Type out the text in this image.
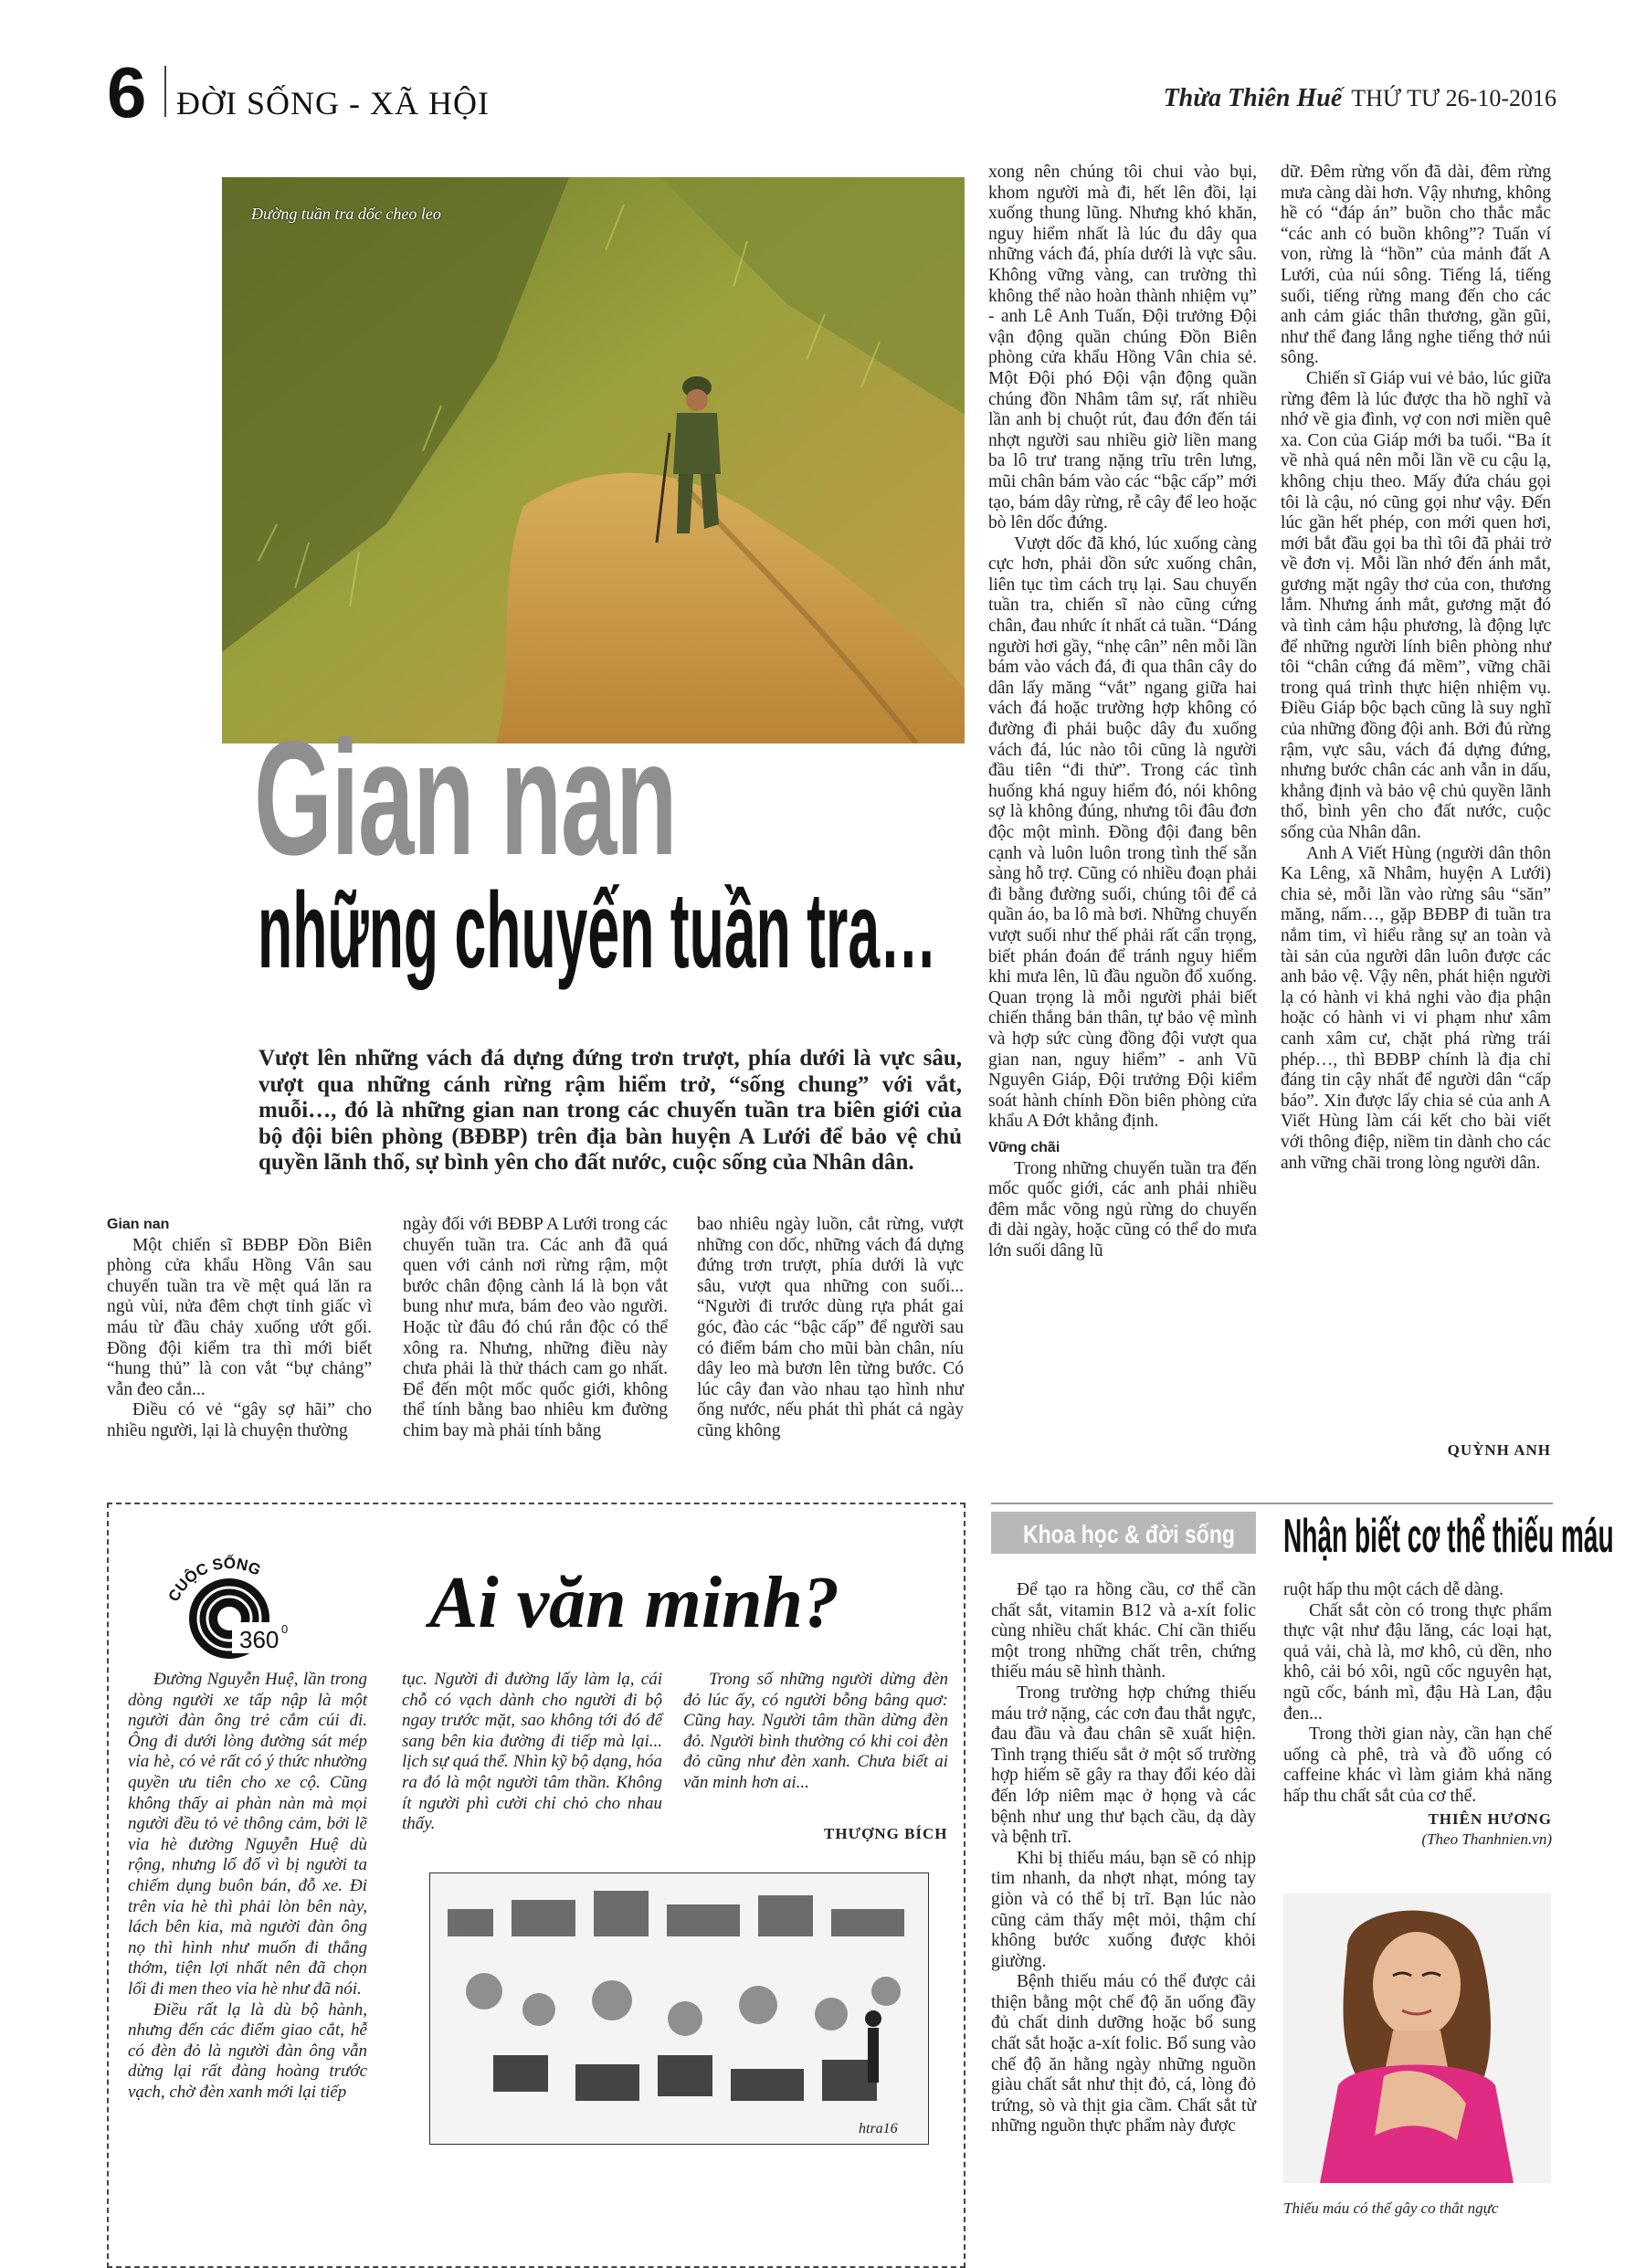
6 ĐỜI SỐNG - XÃ HỘI	Thừa Thiên Huế THỨ TƯ 26-10-2016
Đường tuần tra dốc cheo leo
Gian nan
những chuyến tuần tra…
Vượt lên những vách đá dựng đứng trơn trượt, phía dưới là vực sâu, vượt qua những cánh rừng rậm hiểm trở, “sống chung” với vắt, muỗi…, đó là những gian nan trong các chuyến tuần tra biên giới của bộ đội biên phòng (BĐBP) trên địa bàn huyện A Lưới để bảo vệ chủ quyền lãnh thổ, sự bình yên cho đất nước, cuộc sống của Nhân dân.
Gian nan

Một chiến sĩ BĐBP Đồn Biên phòng cửa khẩu Hồng Vân sau chuyến tuần tra về mệt quá lăn ra ngủ vùi, nửa đêm chợt tỉnh giấc vì máu từ đầu chảy xuống ướt gối. Đồng đội kiểm tra thì mới biết “hung thủ” là con vắt “bự chảng” vẫn đeo cắn...

Điều có vẻ “gây sợ hãi” cho nhiều người, lại là chuyện thường

ngày đối với BĐBP A Lưới trong các chuyến tuần tra. Các anh đã quá quen với cảnh nơi rừng rậm, một bước chân động cành lá là bọn vắt bung như mưa, bám đeo vào người. Hoặc từ đâu đó chú rắn độc có thể xông ra. Nhưng, những điều này chưa phải là thử thách cam go nhất. Để đến một mốc quốc giới, không thể tính bằng bao nhiêu km đường chim bay mà phải tính bằng

bao nhiêu ngày luồn, cắt rừng, vượt những con dốc, những vách đá dựng đứng trơn trượt, phía dưới là vực sâu, vượt qua những con suối... “Người đi trước dùng rựa phát gai góc, đào các “bậc cấp” để người sau có điểm bám cho mũi bàn chân, níu dây leo mà bươn lên từng bước. Có lúc cây đan vào nhau tạo hình như ống nước, nếu phát thì phát cả ngày cũng không

xong nên chúng tôi chui vào bụi, khom người mà đi, hết lên đồi, lại xuống thung lũng. Nhưng khó khăn, nguy hiểm nhất là lúc đu dây qua những vách đá, phía dưới là vực sâu. Không vững vàng, can trường thì không thể nào hoàn thành nhiệm vụ” - anh Lê Anh Tuấn, Đội trưởng Đội vận động quần chúng Đồn Biên phòng cửa khẩu Hồng Vân chia sẻ. Một Đội phó Đội vận động quần chúng đồn Nhâm tâm sự, rất nhiều lần anh bị chuột rút, đau đớn đến tái nhợt người sau nhiều giờ liền mang ba lô trư trang nặng trĩu trên lưng, mũi chân bám vào các “bậc cấp” mới tạo, bám dây rừng, rễ cây để leo hoặc bò lên dốc đứng.

Vượt dốc đã khó, lúc xuống càng cực hơn, phải dồn sức xuống chân, liên tục tìm cách trụ lại. Sau chuyến tuần tra, chiến sĩ nào cũng cứng chân, đau nhức ít nhất cả tuần. “Dáng người hơi gầy, “nhẹ cân” nên mỗi lần bám vào vách đá, đi qua thân cây do dân lấy măng “vắt” ngang giữa hai vách đá hoặc trường hợp không có đường đi phải buộc dây đu xuống vách đá, lúc nào tôi cũng là người đầu tiên “đi thử”. Trong các tình huống khá nguy hiểm đó, nói không sợ là không đúng, nhưng tôi đâu đơn độc một mình. Đồng đội đang bên cạnh và luôn luôn trong tình thế sẵn sàng hỗ trợ. Cũng có nhiều đoạn phải đi bằng đường suối, chúng tôi để cả quần áo, ba lô mà bơi. Những chuyến vượt suối như thế phải rất cẩn trọng, biết phán đoán để tránh nguy hiểm khi mưa lên, lũ đầu nguồn đổ xuống. Quan trọng là mỗi người phải biết chiến thắng bản thân, tự bảo vệ mình và hợp sức cùng đồng đội vượt qua gian nan, nguy hiểm” - anh Vũ Nguyên Giáp, Đội trưởng Đội kiểm soát hành chính Đồn biên phòng cửa khẩu A Đớt khẳng định.

Vững chãi

Trong những chuyến tuần tra đến mốc quốc giới, các anh phải nhiều đêm mắc võng ngủ rừng do chuyến đi dài ngày, hoặc cũng có thể do mưa lớn suối dâng lũ

dữ. Đêm rừng vốn đã dài, đêm rừng mưa càng dài hơn. Vậy nhưng, không hề có “đáp án” buồn cho thắc mắc “các anh có buồn không”? Tuấn ví von, rừng là “hồn” của mảnh đất A Lưới, của núi sông. Tiếng lá, tiếng suối, tiếng rừng mang đến cho các anh cảm giác thân thương, gần gũi, như thể đang lắng nghe tiếng thở núi sông.

Chiến sĩ Giáp vui vẻ bảo, lúc giữa rừng đêm là lúc được tha hồ nghĩ và nhớ về gia đình, vợ con nơi miền quê xa. Con của Giáp mới ba tuổi. “Ba ít về nhà quá nên mỗi lần về cu cậu lạ, không chịu theo. Mấy đứa cháu gọi tôi là cậu, nó cũng gọi như vậy. Đến lúc gần hết phép, con mới quen hơi, mới bắt đầu gọi ba thì tôi đã phải trở về đơn vị. Mỗi lần nhớ đến ánh mắt, gương mặt ngây thơ của con, thương lắm. Nhưng ánh mắt, gương mặt đó và tình cảm hậu phương, là động lực để những người lính biên phòng như tôi “chân cứng đá mềm”, vững chãi trong quá trình thực hiện nhiệm vụ. Điều Giáp bộc bạch cũng là suy nghĩ của những đồng đội anh. Bởi đủ rừng rậm, vực sâu, vách đá dựng đứng, nhưng bước chân các anh vẫn in dấu, khẳng định và bảo vệ chủ quyền lãnh thổ, bình yên cho đất nước, cuộc sống của Nhân dân.

Anh A Viết Hùng (người dân thôn Ka Lêng, xã Nhâm, huyện A Lưới) chia sẻ, mỗi lần vào rừng sâu “săn” măng, nấm…, gặp BĐBP đi tuần tra nắm tim, vì hiểu rằng sự an toàn và tài sản của người dân luôn được các anh bảo vệ. Vậy nên, phát hiện người lạ có hành vi khả nghi vào địa phận hoặc có hành vi vi phạm như xâm canh xâm cư, chặt phá rừng trái phép…, thì BĐBP chính là địa chỉ đáng tin cậy nhất để người dân “cấp báo”. Xin được lấy chia sẻ của anh A Viết Hùng làm cái kết cho bài viết với thông điệp, niềm tin dành cho các anh vững chãi trong lòng người dân.

QUỲNH ANH
CUỘC SỐNG
360 0 Ai văn minh?

Đường Nguyễn Huệ, lần trong dòng người xe tấp nập là một người đàn ông trẻ cắm cúi đi. Ông đi dưới lòng đường sát mép vỉa hè, có vẻ rất có ý thức nhường quyền ưu tiên cho xe cộ. Cũng không thấy ai phàn nàn mà mọi người đều tỏ vẻ thông cảm, bởi lẽ vỉa hè đường Nguyễn Huệ dù rộng, nhưng lổ đổ vì bị người ta chiếm dụng buôn bán, đỗ xe. Đi trên vỉa hè thì phải lòn bên này, lách bên kia, mà người đàn ông nọ thì hình như muốn đi thẳng thớm, tiện lợi nhất nên đã chọn lối đi men theo vỉa hè như đã nói.

Điều rất lạ là dù bộ hành, nhưng đến các điểm giao cắt, hễ có đèn đỏ là người đàn ông vẫn dừng lại rất đàng hoàng trước vạch, chờ đèn xanh mới lại tiếp

tục. Người đi đường lấy làm lạ, cái chỗ có vạch dành cho người đi bộ ngay trước mặt, sao không tới đó để sang bên kia đường đi tiếp mà lại... lịch sự quá thể. Nhìn kỹ bộ dạng, hóa ra đó là một người tâm thần. Không ít người phì cười chỉ chỏ cho nhau thấy.

Trong số những người dừng đèn đỏ lúc ấy, có người bỗng bâng quơ: Cũng hay. Người tâm thần dừng đèn đỏ. Người bình thường có khi coi đèn đỏ cũng như đèn xanh. Chưa biết ai văn minh hơn ai...

THƯỢNG BÍCH
htra16
Khoa học & đời sống Nhận biết cơ thể thiếu máu

Để tạo ra hồng cầu, cơ thể cần chất sắt, vitamin B12 và a-xít folic cùng nhiều chất khác. Chỉ cần thiếu một trong những chất trên, chứng thiếu máu sẽ hình thành.

Trong trường hợp chứng thiếu máu trở nặng, các cơn đau thắt ngực, đau đầu và đau chân sẽ xuất hiện. Tình trạng thiếu sắt ở một số trường hợp hiếm sẽ gây ra thay đổi kéo dài đến lớp niêm mạc ở họng và các bệnh như ung thư bạch cầu, dạ dày và bệnh trĩ.

Khi bị thiếu máu, bạn sẽ có nhịp tim nhanh, da nhợt nhạt, móng tay giòn và có thể bị trĩ. Bạn lúc nào cũng cảm thấy mệt mỏi, thậm chí không bước xuống được khỏi giường.

Bệnh thiếu máu có thể được cải thiện bằng một chế độ ăn uống đầy đủ chất dinh dưỡng hoặc bổ sung chất sắt hoặc a-xít folic. Bổ sung vào chế độ ăn hằng ngày những nguồn giàu chất sắt như thịt đỏ, cá, lòng đỏ trứng, sò và thịt gia cầm. Chất sắt từ những nguồn thực phẩm này được

ruột hấp thu một cách dễ dàng.

Chất sắt còn có trong thực phẩm thực vật như đậu lăng, các loại hạt, quả vải, chà là, mơ khô, củ dền, nho khô, cải bó xôi, ngũ cốc nguyên hạt, ngũ cốc, bánh mì, đậu Hà Lan, đậu đen...

Trong thời gian này, cần hạn chế uống cà phê, trà và đồ uống có caffeine khác vì làm giảm khả năng hấp thu chất sắt của cơ thể.

THIÊN HƯƠNG
(Theo Thanhnien.vn)
Thiếu máu có thể gây co thắt ngực
